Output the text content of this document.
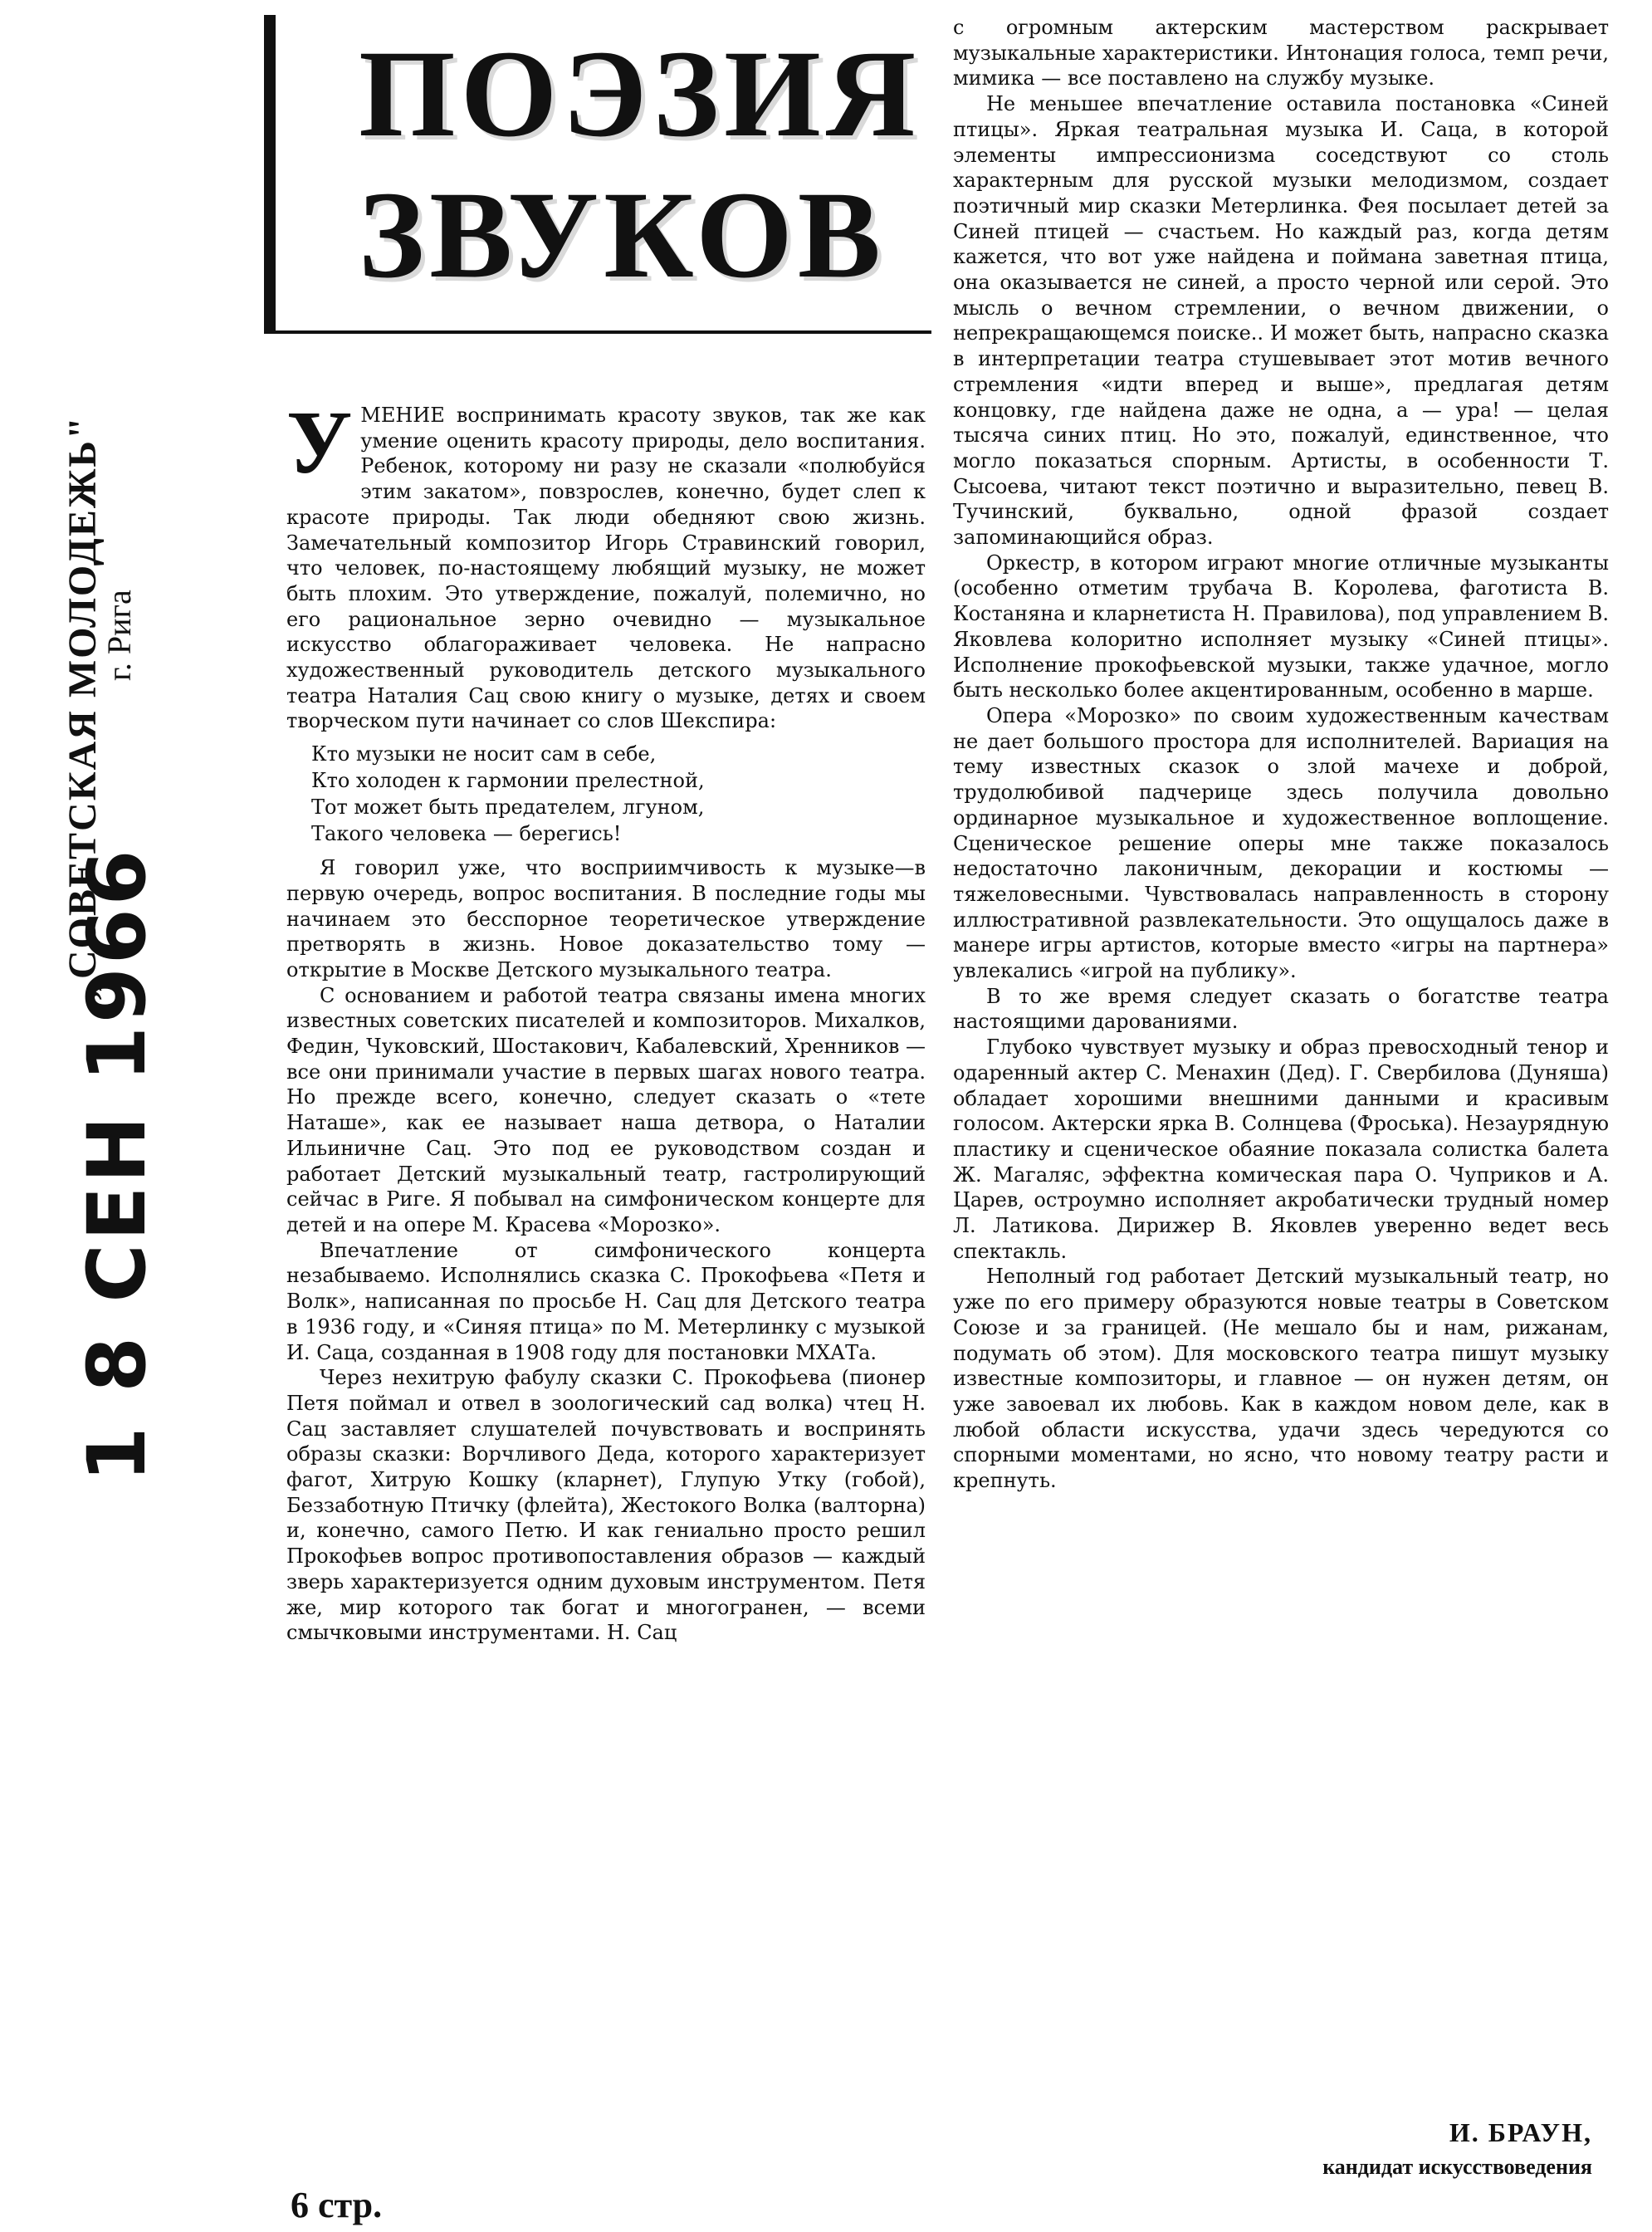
„СОВЕТСКАЯ МОЛОДЕЖЬ"
г. Рига
1 8 СЕН 1966
ПОЭЗИЯ
ЗВУКОВ

УМЕНИЕ воспринимать красоту звуков, так же как умение оценить красоту природы, дело воспитания. Ребенок, которому ни разу не сказали «полюбуйся этим закатом», повзрослев, конечно, будет слеп к красоте природы. Так люди обедняют свою жизнь. Замечательный композитор Игорь Стравинский говорил, что человек, по-настоящему любящий музыку, не может быть плохим. Это утверждение, пожалуй, полемично, но его рациональное зерно очевидно — музыкальное искусство облагораживает человека. Не напрасно художественный руководитель детского музыкального театра Наталия Сац свою книгу о музыке, детях и своем творческом пути начинает со слов Шекспира:

Кто музыки не носит сам в себе,
Кто холоден к гармонии прелестной,
Тот может быть предателем, лгуном,
Такого человека — берегись!

Я говорил уже, что восприимчивость к музыке—в первую очередь, вопрос воспитания. В последние годы мы начинаем это бесспорное теоретическое утверждение претворять в жизнь. Новое доказательство тому — открытие в Москве Детского музыкального театра.

С основанием и работой театра связаны имена многих известных советских писателей и композиторов. Михалков, Федин, Чуковский, Шостакович, Кабалевский, Хренников — все они принимали участие в первых шагах нового театра. Но прежде всего, конечно, следует сказать о «тете Наташе», как ее называет наша детвора, о Наталии Ильиничне Сац. Это под ее руководством создан и работает Детский музыкальный театр, гастролирующий сейчас в Риге. Я побывал на симфоническом концерте для детей и на опере М. Красева «Морозко».

Впечатление от симфонического концерта незабываемо. Исполнялись сказка С. Прокофьева «Петя и Волк», написанная по просьбе Н. Сац для Детского театра в 1936 году, и «Синяя птица» по М. Метерлинку с музыкой И. Саца, созданная в 1908 году для постановки МХАТа.

Через нехитрую фабулу сказки С. Прокофьева (пионер Петя поймал и отвел в зоологический сад волка) чтец Н. Сац заставляет слушателей почувствовать и воспринять образы сказки: Ворчливого Деда, которого характеризует фагот, Хитрую Кошку (кларнет), Глупую Утку (гобой), Беззаботную Птичку (флейта), Жестокого Волка (валторна) и, конечно, самого Петю. И как гениально просто решил Прокофьев вопрос противопоставления образов — каждый зверь характеризуется одним духовым инструментом. Петя же, мир которого так богат и многогранен, — всеми смычковыми инструментами. Н. Сац

с огромным актерским мастерством раскрывает музыкальные характеристики. Интонация голоса, темп речи, мимика — все поставлено на службу музыке.

Не меньшее впечатление оставила постановка «Синей птицы». Яркая театральная музыка И. Саца, в которой элементы импрессионизма соседствуют со столь характерным для русской музыки мелодизмом, создает поэтичный мир сказки Метерлинка. Фея посылает детей за Синей птицей — счастьем. Но каждый раз, когда детям кажется, что вот уже найдена и поймана заветная птица, она оказывается не синей, а просто черной или серой. Это мысль о вечном стремлении, о вечном движении, о непрекращающемся поиске.. И может быть, напрасно сказка в интерпретации театра стушевывает этот мотив вечного стремления «идти вперед и выше», предлагая детям концовку, где найдена даже не одна, а — ура! — целая тысяча синих птиц. Но это, пожалуй, единственное, что могло показаться спорным. Артисты, в особенности Т. Сысоева, читают текст поэтично и выразительно, певец В. Тучинский, буквально, одной фразой создает запоминающийся образ.

Оркестр, в котором играют многие отличные музыканты (особенно отметим трубача В. Королева, фаготиста В. Костаняна и кларнетиста Н. Правилова), под управлением В. Яковлева колоритно исполняет музыку «Синей птицы». Исполнение прокофьевской музыки, также удачное, могло быть несколько более акцентированным, особенно в марше.

Опера «Морозко» по своим художественным качествам не дает большого простора для исполнителей. Вариация на тему известных сказок о злой мачехе и доброй, трудолюбивой падчерице здесь получила довольно ординарное музыкальное и художественное воплощение. Сценическое решение оперы мне также показалось недостаточно лаконичным, декорации и костюмы — тяжеловесными. Чувствовалась направленность в сторону иллюстративной развлекательности. Это ощущалось даже в манере игры артистов, которые вместо «игры на партнера» увлекались «игрой на публику».

В то же время следует сказать о богатстве театра настоящими дарованиями.

Глубоко чувствует музыку и образ превосходный тенор и одаренный актер С. Менахин (Дед). Г. Свербилова (Дуняша) обладает хорошими внешними данными и красивым голосом. Актерски ярка В. Солнцева (Фроська). Незаурядную пластику и сценическое обаяние показала солистка балета Ж. Магаляс, эффектна комическая пара О. Чуприков и А. Царев, остроумно исполняет акробатически трудный номер Л. Латикова. Дирижер В. Яковлев уверенно ведет весь спектакль.

Неполный год работает Детский музыкальный театр, но уже по его примеру образуются новые театры в Советском Союзе и за границей. (Не мешало бы и нам, рижанам, подумать об этом). Для московского театра пишут музыку известные композиторы, и главное — он нужен детям, он уже завоевал их любовь. Как в каждом новом деле, как в любой области искусства, удачи здесь чередуются со спорными моментами, но ясно, что новому театру расти и крепнуть.

И. БРАУН,
кандидат искусствоведения
6 стр.
